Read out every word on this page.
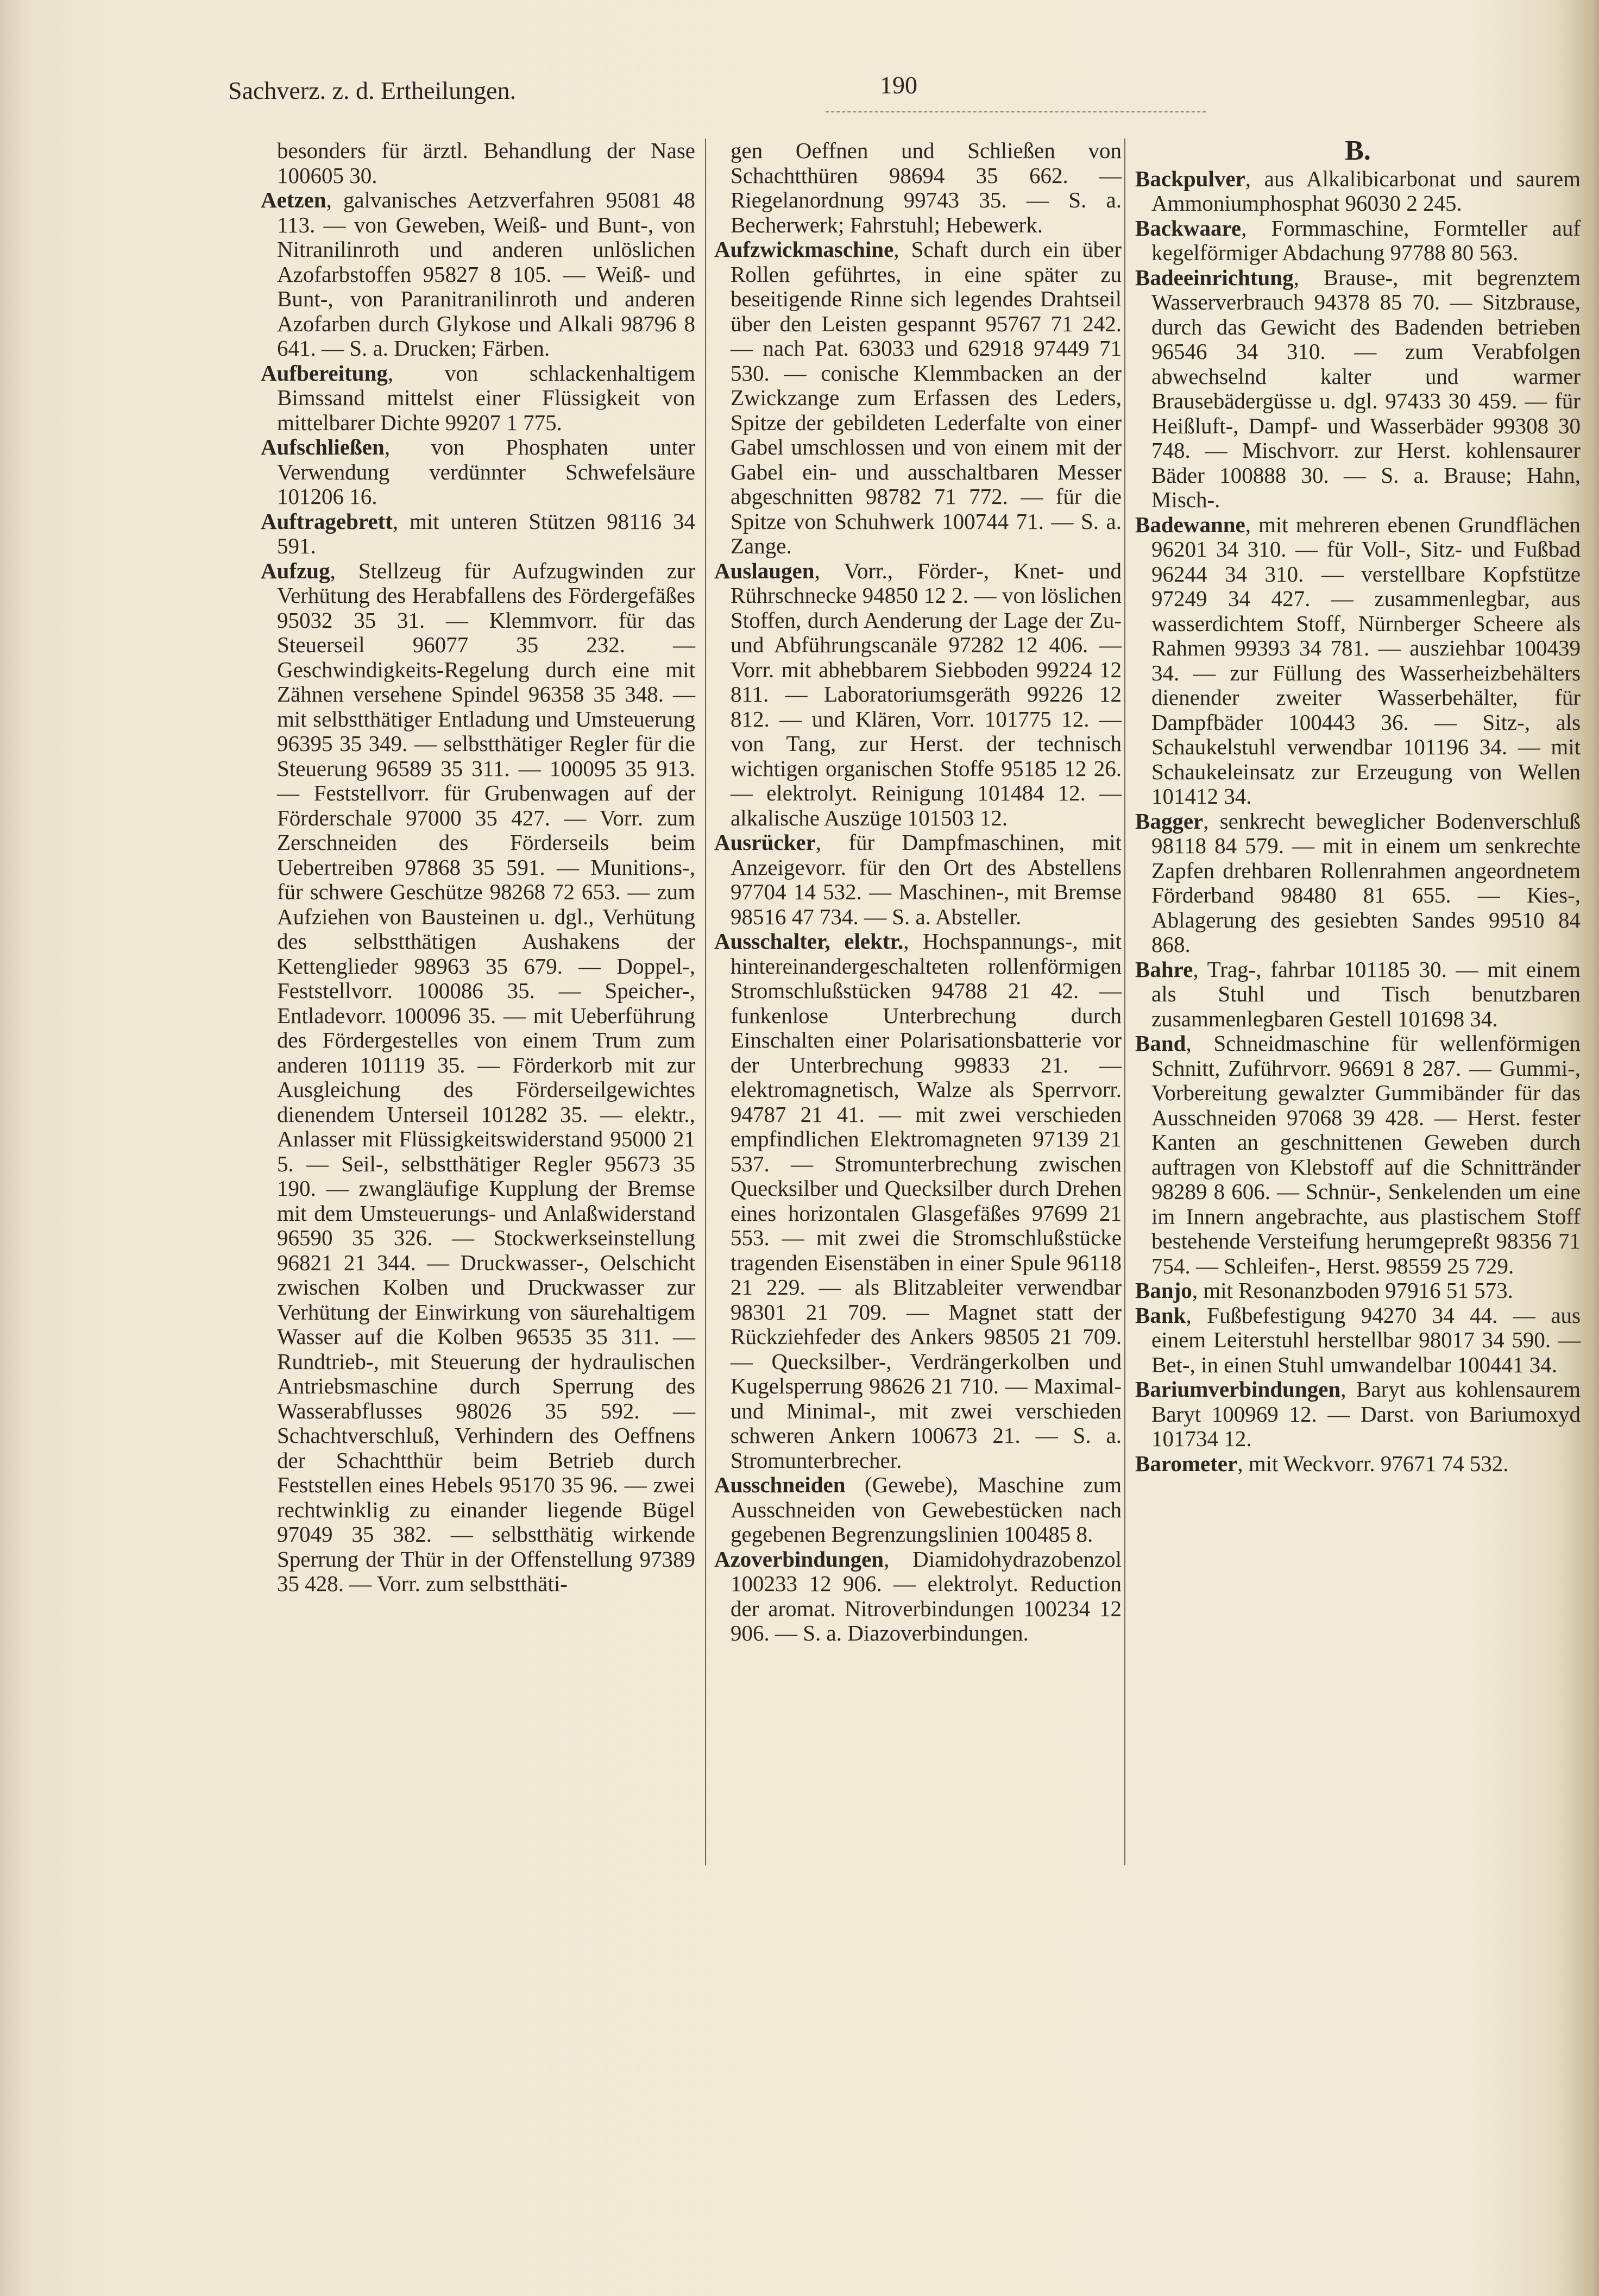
Sachverz. z. d. Ertheilungen.	190

besonders für ärztl. Behandlung der Nase 100605 30.

Aetzen, galvanisches Aetzverfahren 95081 48 113. — von Geweben, Weiß- und Bunt-, von Nitranilinroth und anderen unlöslichen Azofarbstoffen 95827 8 105. — Weiß- und Bunt-, von Paranitranilinroth und anderen Azofarben durch Glykose und Alkali 98796 8 641. — S. a. Drucken; Färben.

Aufbereitung, von schlackenhaltigem Bimssand mittelst einer Flüssigkeit von mittelbarer Dichte 99207 1 775.

Aufschließen, von Phosphaten unter Verwendung verdünnter Schwefelsäure 101206 16.

Auftragebrett, mit unteren Stützen 98116 34 591.

Aufzug, Stellzeug für Aufzugwinden zur Verhütung des Herabfallens des Fördergefäßes 95032 35 31. — Klemmvorr. für das Steuerseil 96077 35 232. — Geschwindigkeits-Regelung durch eine mit Zähnen versehene Spindel 96358 35 348. — mit selbstthätiger Entladung und Umsteuerung 96395 35 349. — selbstthätiger Regler für die Steuerung 96589 35 311. — 100095 35 913. — Feststellvorr. für Grubenwagen auf der Förderschale 97000 35 427. — Vorr. zum Zerschneiden des Förderseils beim Uebertreiben 97868 35 591. — Munitions-, für schwere Geschütze 98268 72 653. — zum Aufziehen von Bausteinen u. dgl., Verhütung des selbstthätigen Aushakens der Kettenglieder 98963 35 679. — Doppel-, Feststellvorr. 100086 35. — Speicher-, Entladevorr. 100096 35. — mit Ueberführung des Fördergestelles von einem Trum zum anderen 101119 35. — Förderkorb mit zur Ausgleichung des Förderseilgewichtes dienendem Unterseil 101282 35. — elektr., Anlasser mit Flüssigkeitswiderstand 95000 21 5. — Seil-, selbstthätiger Regler 95673 35 190. — zwangläufige Kupplung der Bremse mit dem Umsteuerungs- und Anlaßwiderstand 96590 35 326. — Stockwerkseinstellung 96821 21 344. — Druckwasser-, Oelschicht zwischen Kolben und Druckwasser zur Verhütung der Einwirkung von säurehaltigem Wasser auf die Kolben 96535 35 311. — Rundtrieb-, mit Steuerung der hydraulischen Antriebsmaschine durch Sperrung des Wasserabflusses 98026 35 592. — Schachtverschluß, Verhindern des Oeffnens der Schachtthür beim Betrieb durch Feststellen eines Hebels 95170 35 96. — zwei rechtwinklig zu einander liegende Bügel 97049 35 382. — selbstthätig wirkende Sperrung der Thür in der Offenstellung 97389 35 428. — Vorr. zum selbstthäti-

gen Oeffnen und Schließen von Schachtthüren 98694 35 662. — Riegelanordnung 99743 35. — S. a. Becherwerk; Fahrstuhl; Hebewerk.

Aufzwickmaschine, Schaft durch ein über Rollen geführtes, in eine später zu beseitigende Rinne sich legendes Drahtseil über den Leisten gespannt 95767 71 242. — nach Pat. 63033 und 62918 97449 71 530. — conische Klemmbacken an der Zwickzange zum Erfassen des Leders, Spitze der gebildeten Lederfalte von einer Gabel umschlossen und von einem mit der Gabel ein- und ausschaltbaren Messer abgeschnitten 98782 71 772. — für die Spitze von Schuhwerk 100744 71. — S. a. Zange.

Auslaugen, Vorr., Förder-, Knet- und Rührschnecke 94850 12 2. — von löslichen Stoffen, durch Aenderung der Lage der Zu- und Abführungscanäle 97282 12 406. — Vorr. mit abhebbarem Siebboden 99224 12 811. — Laboratoriumsgeräth 99226 12 812. — und Klären, Vorr. 101775 12. — von Tang, zur Herst. der technisch wichtigen organischen Stoffe 95185 12 26. — elektrolyt. Reinigung 101484 12. — alkalische Auszüge 101503 12.

Ausrücker, für Dampfmaschinen, mit Anzeigevorr. für den Ort des Abstellens 97704 14 532. — Maschinen-, mit Bremse 98516 47 734. — S. a. Absteller.

Ausschalter, elektr., Hochspannungs-, mit hintereinandergeschalteten rollenförmigen Stromschlußstücken 94788 21 42. — funkenlose Unterbrechung durch Einschalten einer Polarisationsbatterie vor der Unterbrechung 99833 21. — elektromagnetisch, Walze als Sperrvorr. 94787 21 41. — mit zwei verschieden empfindlichen Elektromagneten 97139 21 537. — Stromunterbrechung zwischen Quecksilber und Quecksilber durch Drehen eines horizontalen Glasgefäßes 97699 21 553. — mit zwei die Stromschlußstücke tragenden Eisenstäben in einer Spule 96118 21 229. — als Blitzableiter verwendbar 98301 21 709. — Magnet statt der Rückziehfeder des Ankers 98505 21 709. — Quecksilber-, Verdrängerkolben und Kugelsperrung 98626 21 710. — Maximal- und Minimal-, mit zwei verschieden schweren Ankern 100673 21. — S. a. Stromunterbrecher.

Ausschneiden (Gewebe), Maschine zum Ausschneiden von Gewebestücken nach gegebenen Begrenzungslinien 100485 8.

Azoverbindungen, Diamidohydrazobenzol 100233 12 906. — elektrolyt. Reduction der aromat. Nitroverbindungen 100234 12 906. — S. a. Diazoverbindungen.

B.

Backpulver, aus Alkalibicarbonat und saurem Ammoniumphosphat 96030 2 245.

Backwaare, Formmaschine, Formteller auf kegelförmiger Abdachung 97788 80 563.

Badeeinrichtung, Brause-, mit begrenztem Wasserverbrauch 94378 85 70. — Sitzbrause, durch das Gewicht des Badenden betrieben 96546 34 310. — zum Verabfolgen abwechselnd kalter und warmer Brausebädergüsse u. dgl. 97433 30 459. — für Heißluft-, Dampf- und Wasserbäder 99308 30 748. — Mischvorr. zur Herst. kohlensaurer Bäder 100888 30. — S. a. Brause; Hahn, Misch-.

Badewanne, mit mehreren ebenen Grundflächen 96201 34 310. — für Voll-, Sitz- und Fußbad 96244 34 310. — verstellbare Kopfstütze 97249 34 427. — zusammenlegbar, aus wasserdichtem Stoff, Nürnberger Scheere als Rahmen 99393 34 781. — ausziehbar 100439 34. — zur Füllung des Wasserheizbehälters dienender zweiter Wasserbehälter, für Dampfbäder 100443 36. — Sitz-, als Schaukelstuhl verwendbar 101196 34. — mit Schaukeleinsatz zur Erzeugung von Wellen 101412 34.

Bagger, senkrecht beweglicher Bodenverschluß 98118 84 579. — mit in einem um senkrechte Zapfen drehbaren Rollenrahmen angeordnetem Förderband 98480 81 655. — Kies-, Ablagerung des gesiebten Sandes 99510 84 868.

Bahre, Trag-, fahrbar 101185 30. — mit einem als Stuhl und Tisch benutzbaren zusammenlegbaren Gestell 101698 34.

Band, Schneidmaschine für wellenförmigen Schnitt, Zuführvorr. 96691 8 287. — Gummi-, Vorbereitung gewalzter Gummibänder für das Ausschneiden 97068 39 428. — Herst. fester Kanten an geschnittenen Geweben durch auftragen von Klebstoff auf die Schnittränder 98289 8 606. — Schnür-, Senkelenden um eine im Innern angebrachte, aus plastischem Stoff bestehende Versteifung herumgepreßt 98356 71 754. — Schleifen-, Herst. 98559 25 729.

Banjo, mit Resonanzboden 97916 51 573.

Bank, Fußbefestigung 94270 34 44. — aus einem Leiterstuhl herstellbar 98017 34 590. — Bet-, in einen Stuhl umwandelbar 100441 34.

Bariumverbindungen, Baryt aus kohlensaurem Baryt 100969 12. — Darst. von Bariumoxyd 101734 12.

Barometer, mit Weckvorr. 97671 74 532.
